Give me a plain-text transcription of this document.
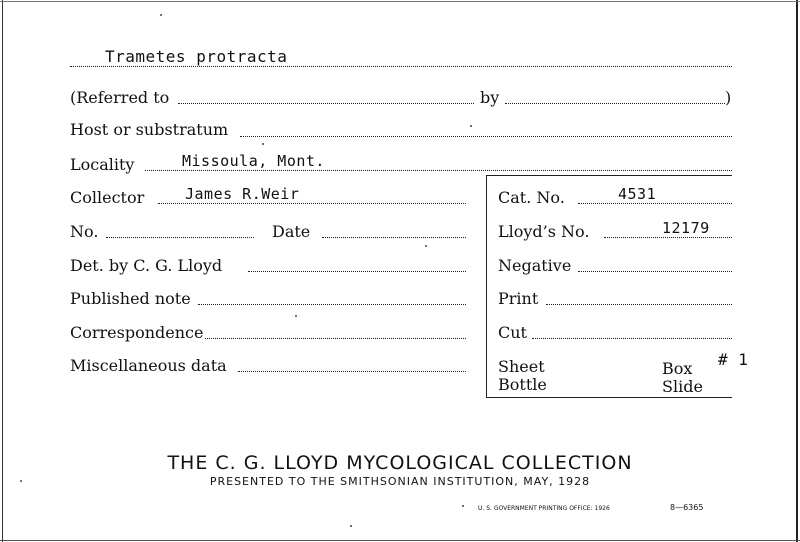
Trametes protracta
(Referred to	by	)
Host or substratum
Locality	Missoula, Mont.
Collector	James R.Weir
No.	Date
Det. by C. G. Lloyd
Published note
Correspondence
Miscellaneous data
Cat. No.	4531
Lloyd’s No.	12179
Negative
Print
Cut
Sheet	Box
Bottle	Slide
# 1
THE C. G. LLOYD MYCOLOGICAL COLLECTION
PRESENTED TO THE SMITHSONIAN INSTITUTION, MAY, 1928
U. S. GOVERNMENT PRINTING OFFICE: 1926	8—6365
